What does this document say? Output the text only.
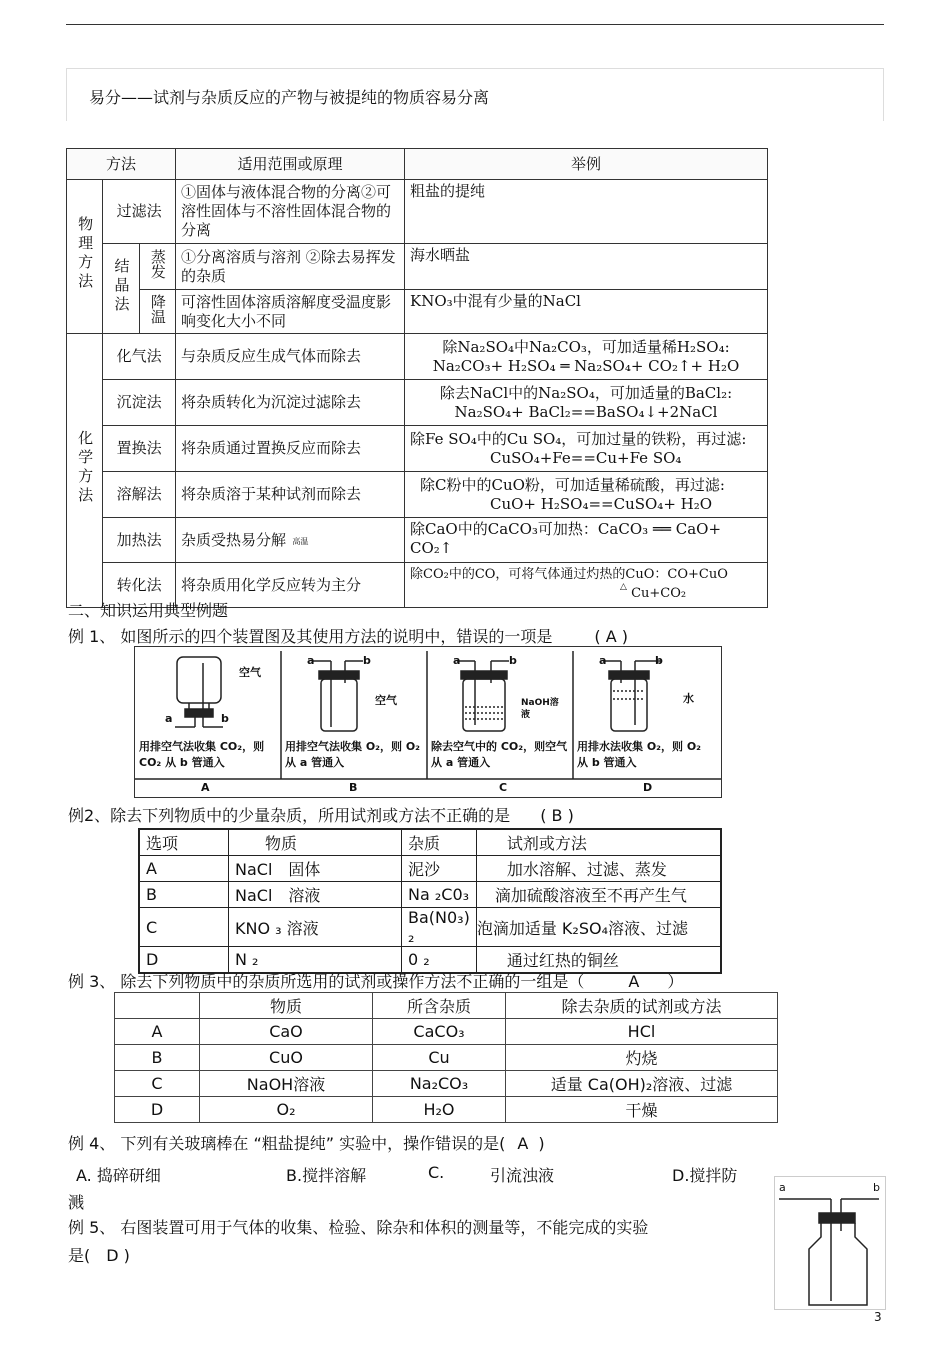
易分——试剂与杂质反应的产物与被提纯的物质容易分离
方法			适用范围或原理	举例
物理方法	过滤法		①固体与液体混合物的分离②可溶性固体与不溶性固体混合物的分离	粗盐的提纯
	结晶法	蒸发	①分离溶质与溶剂 ②除去易挥发的杂质	海水晒盐
		降温	可溶性固体溶质溶解度受温度影响变化大小不同	KNO₃中混有少量的NaCl
化学方法	化气法		与杂质反应生成气体而除去	除Na₂SO₄中Na₂CO₃，可加适量稀H₂SO₄:
Na₂CO₃+ H₂SO₄ ═ Na₂SO₄+ CO₂↑+ H₂O

	沉淀法		将杂质转化为沉淀过滤除去	除去NaCl中的Na₂SO₄，可加适量的BaCl₂:
Na₂SO₄+ BaCl₂==BaSO₄↓+2NaCl

	置换法		将杂质通过置换反应而除去	除Fe SO₄中的Cu SO₄，可加过量的铁粉，再过滤:
CuSO₄+Fe==Cu+Fe SO₄

	溶解法		将杂质溶于某种试剂而除去	除C粉中的CuO粉，可加适量稀硫酸，再过滤:
CuO+ H₂SO₄==CuSO₄+ H₂O

	加热法		杂质受热易分解	除CaO中的CaCO₃可加热：CaCO₃ ══ CaO+ CO₂↑$^{高温}$
	转化法		将杂质用化学反应转为主分	除CO₂中的CO，可将气体通过灼热的CuO：CO+CuO
△ Cu+CO₂
二、知识运用典型例题
例 1、 如图所示的四个装置图及其使用方法的说明中，错误的一项是	( A )
空气
a	b
空气
a	b
NaOH溶液
a	b
水
a	b
用排空气法收集 CO₂，则 CO₂ 从 b 管通入
用排空气法收集 O₂，则 O₂ 从 a 管通入
除去空气中的 CO₂，则空气从 a 管通入
用排水法收集 O₂，则 O₂ 从 b 管通入
A	B	C	D
例2、除去下列物质中的少量杂质，所用试剂或方法不正确的是 ( B )
选项	物质	杂质	试剂或方法
A	NaCl　固体	泥沙	加水溶解、过滤、蒸发
B	NaCl　溶液	Na ₂C0₃	滴加硫酸溶液至不再产生气
C	KNO ₃ 溶液	Ba(N0₃) ₂	泡滴加适量 K₂SO₄溶液、过滤
D	N ₂	0 ₂	通过红热的铜丝
例 3、 除去下列物质中的杂质所选用的试剂或操作方法不正确的一组是（	A ）
	物质	所含杂质	除去杂质的试剂或方法
A	CaO	CaCO₃	HCl
B	CuO	Cu	灼烧
C	NaOH溶液	Na₂CO₃	适量 Ca(OH)₂溶液、过滤
D	O₂	H₂O	干燥
例 4、 下列有关玻璃棒在 “粗盐提纯” 实验中，操作错误的是( A )
A. 捣碎研细	B.搅拌溶解	C.	引流浊液	D.搅拌防
溅
例 5、 右图装置可用于气体的收集、检验、除杂和体积的测量等，不能完成的实验
是(　D )
a	b
3
